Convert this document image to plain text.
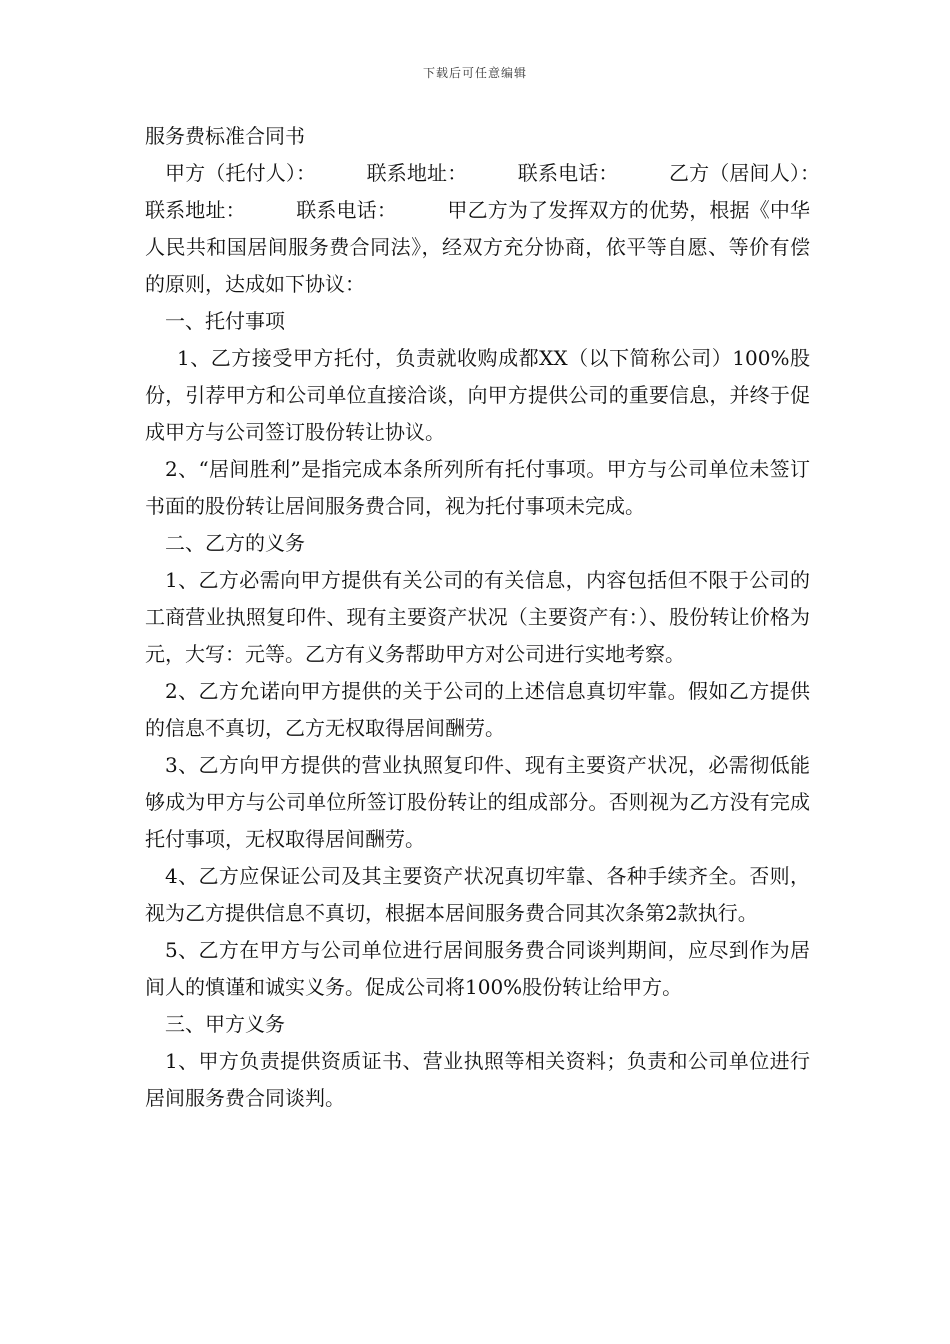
下载后可任意编辑

服务费标准合同书

甲方（托付人）：　　　联系地址：　　　联系电话：　　　乙方（居间人）：　　　联系地址：　　　联系电话：　　　甲乙方为了发挥双方的优势，根据《中华人民共和国居间服务费合同法》，经双方充分协商，依平等自愿、等价有偿的原则，达成如下协议：

一、托付事项

1、乙方接受甲方托付，负责就收购成都XX（以下简称公司）100%股份，引荐甲方和公司单位直接洽谈，向甲方提供公司的重要信息，并终于促成甲方与公司签订股份转让协议。

2、“居间胜利”是指完成本条所列所有托付事项。甲方与公司单位未签订书面的股份转让居间服务费合同，视为托付事项未完成。

二、乙方的义务

1、乙方必需向甲方提供有关公司的有关信息，内容包括但不限于公司的工商营业执照复印件、现有主要资产状况（主要资产有：）、股份转让价格为元，大写：元等。乙方有义务帮助甲方对公司进行实地考察。

2、乙方允诺向甲方提供的关于公司的上述信息真切牢靠。假如乙方提供的信息不真切，乙方无权取得居间酬劳。

3、乙方向甲方提供的营业执照复印件、现有主要资产状况，必需彻低能够成为甲方与公司单位所签订股份转让的组成部分。否则视为乙方没有完成托付事项，无权取得居间酬劳。

4、乙方应保证公司及其主要资产状况真切牢靠、各种手续齐全。否则，视为乙方提供信息不真切，根据本居间服务费合同其次条第2款执行。

5、乙方在甲方与公司单位进行居间服务费合同谈判期间，应尽到作为居间人的慎谨和诚实义务。促成公司将100%股份转让给甲方。

三、甲方义务

1、甲方负责提供资质证书、营业执照等相关资料；负责和公司单位进行居间服务费合同谈判。
